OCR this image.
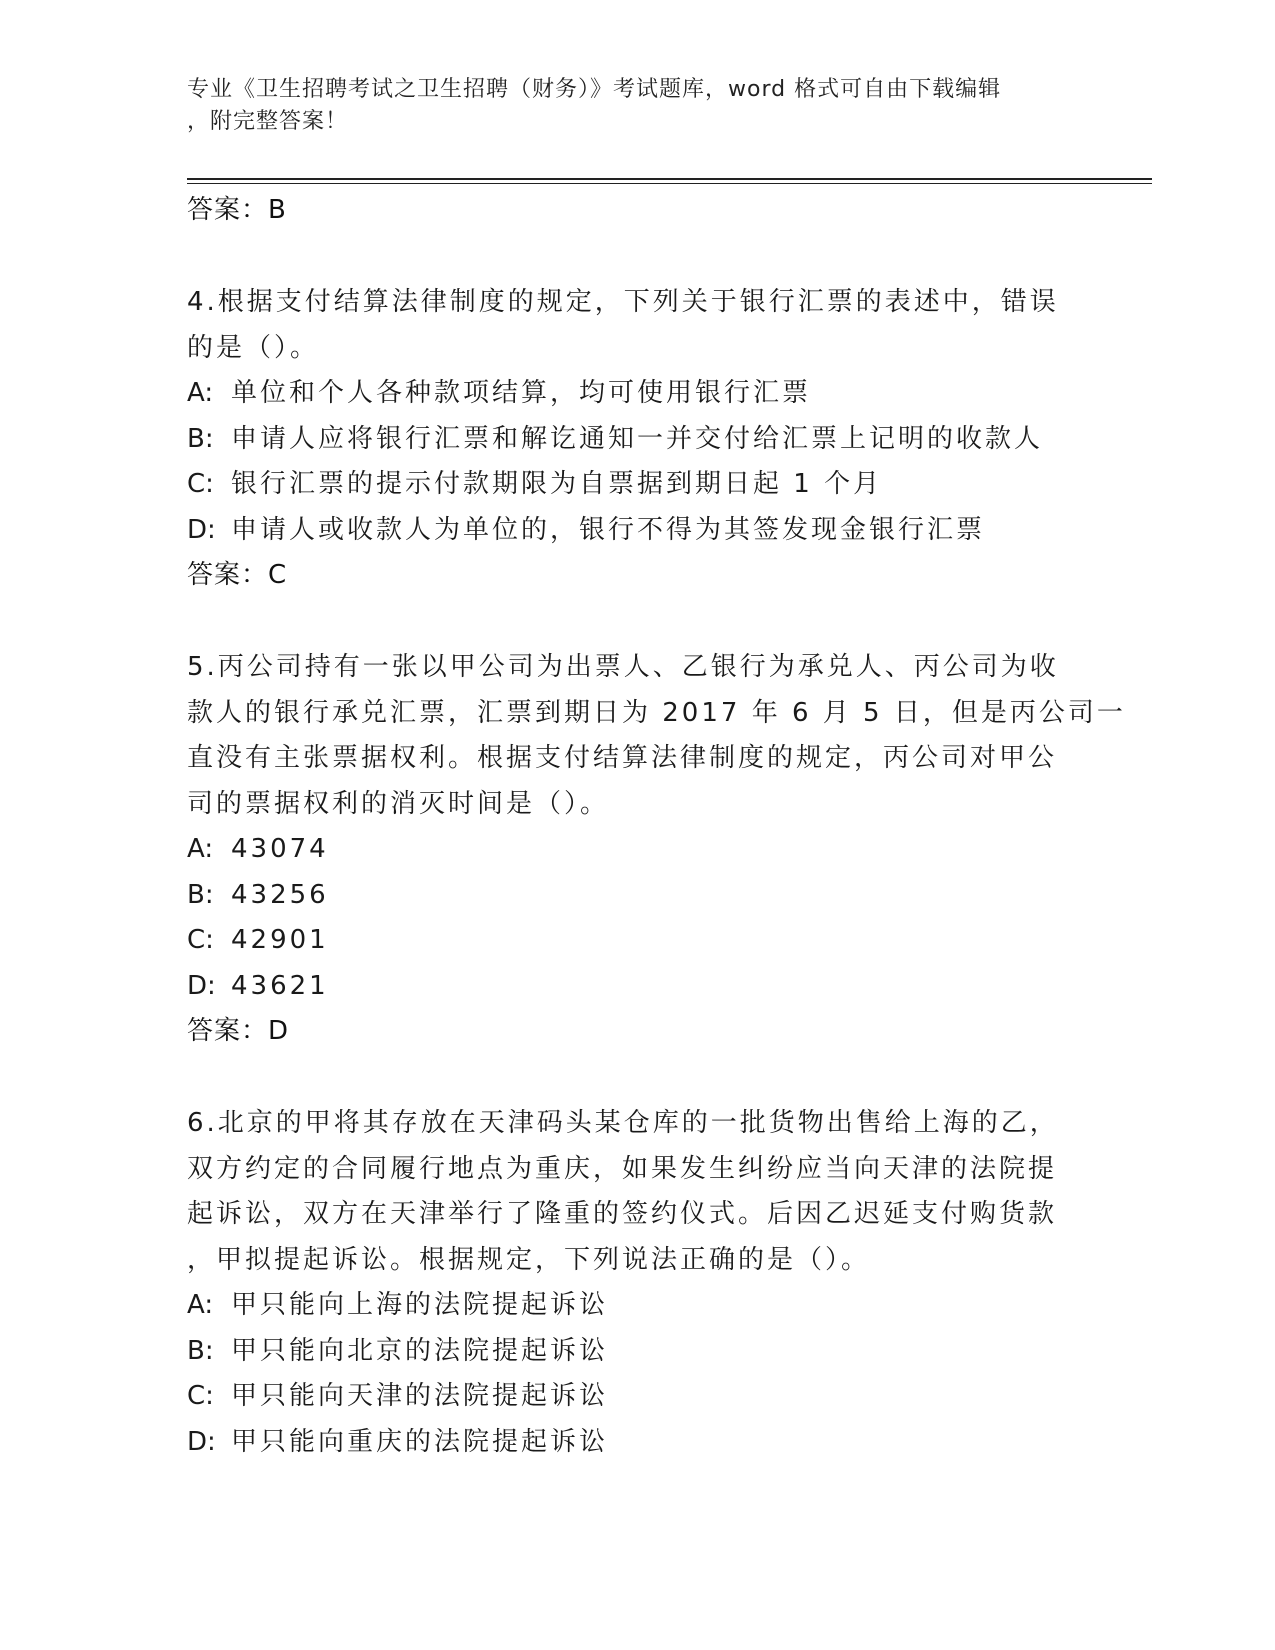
专业《卫生招聘考试之卫生招聘（财务）》考试题库，word 格式可自由下载编辑
，附完整答案！
答案：B
4.根据支付结算法律制度的规定，下列关于银行汇票的表述中，错误
的是（）。
A: 单位和个人各种款项结算，均可使用银行汇票
B: 申请人应将银行汇票和解讫通知一并交付给汇票上记明的收款人
C: 银行汇票的提示付款期限为自票据到期日起 1 个月
D: 申请人或收款人为单位的，银行不得为其签发现金银行汇票
答案：C
5.丙公司持有一张以甲公司为出票人、乙银行为承兑人、丙公司为收
款人的银行承兑汇票，汇票到期日为 2017 年 6 月 5 日，但是丙公司一
直没有主张票据权利。根据支付结算法律制度的规定，丙公司对甲公
司的票据权利的消灭时间是（）。
A: 43074
B: 43256
C: 42901
D: 43621
答案：D
6.北京的甲将其存放在天津码头某仓库的一批货物出售给上海的乙，
双方约定的合同履行地点为重庆，如果发生纠纷应当向天津的法院提
起诉讼，双方在天津举行了隆重的签约仪式。后因乙迟延支付购货款
，甲拟提起诉讼。根据规定，下列说法正确的是（）。
A: 甲只能向上海的法院提起诉讼
B: 甲只能向北京的法院提起诉讼
C: 甲只能向天津的法院提起诉讼
D: 甲只能向重庆的法院提起诉讼
